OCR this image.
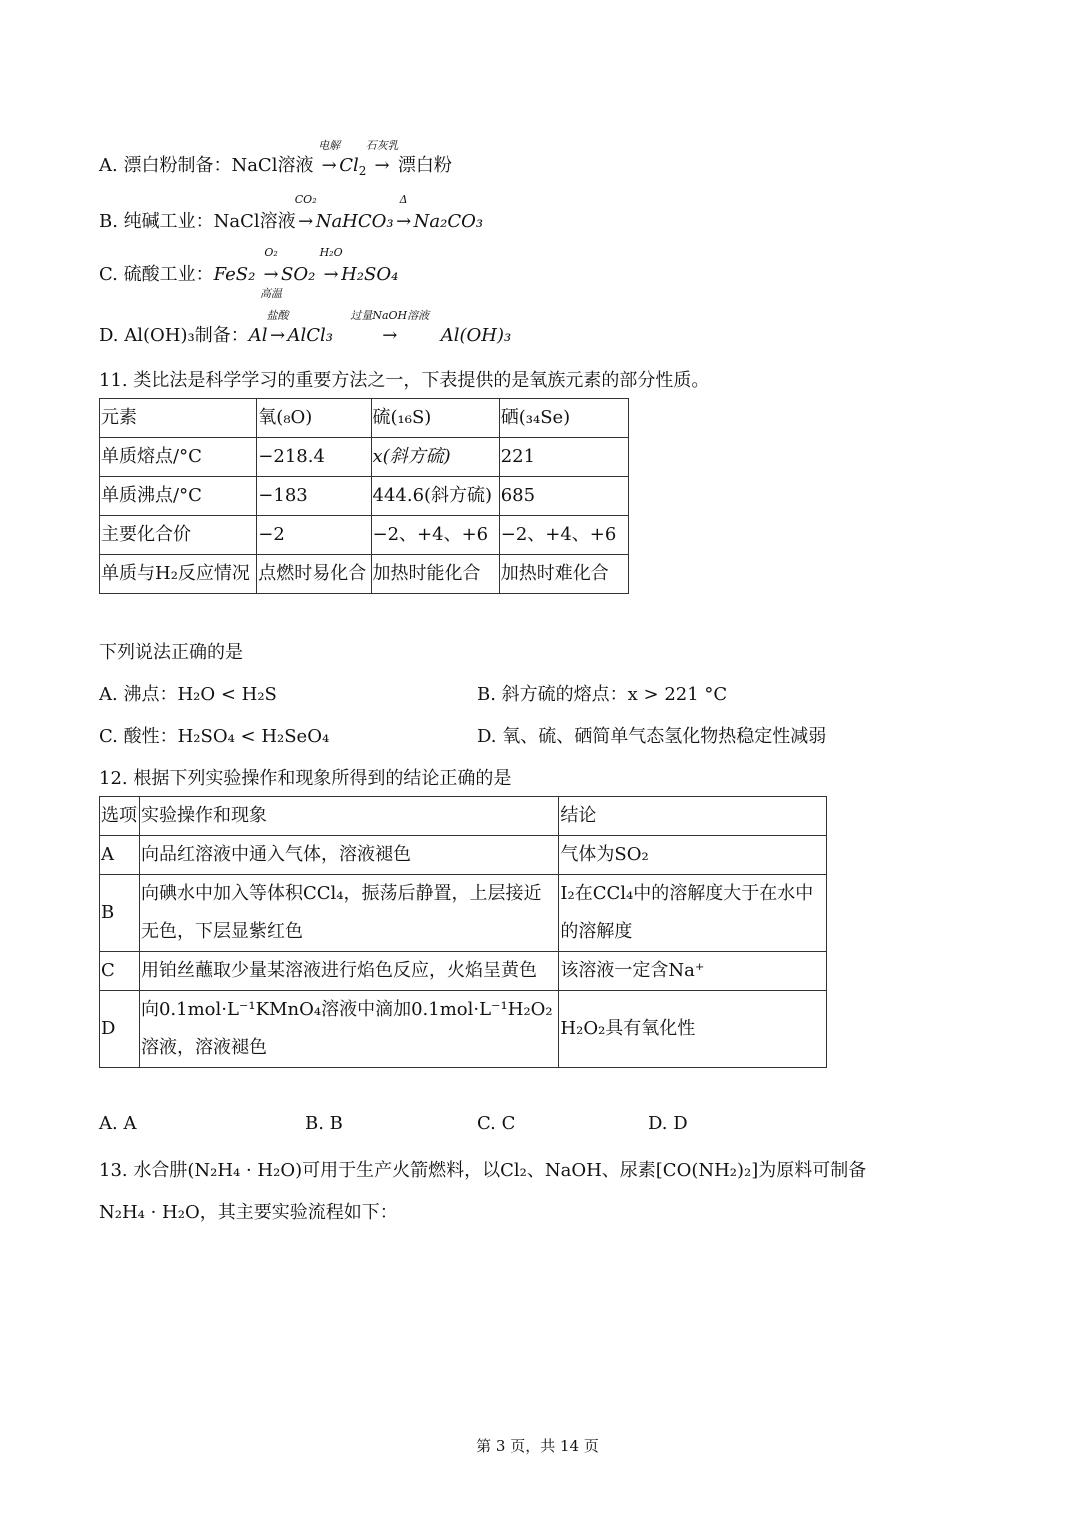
A. 漂白粉制备：NaCl溶液
电解
→ $Cl_2$
石灰乳
→ 漂白粉
B. 纯碱工业：NaCl溶液
CO₂
→ NaHCO₃
Δ
→ Na₂CO₃
C. 硫酸工业：FeS₂
O₂
→
高温
SO₂
H₂O
→ H₂SO₄
D. Al(OH)₃制备：Al
盐酸
→ AlCl₃
过量NaOH溶液
→ Al(OH)₃
11. 类比法是科学学习的重要方法之一，下表提供的是氧族元素的部分性质。
元素	氧(₈O)	硫(₁₆S)	硒(₃₄Se)
单质熔点/°C	−218.4	x(斜方硫)	221
单质沸点/°C	−183	444.6(斜方硫)	685
主要化合价	−2	−2、+4、+6	−2、+4、+6
单质与H₂反应情况	点燃时易化合	加热时能化合	加热时难化合
下列说法正确的是
A. 沸点：H₂O < H₂S	B. 斜方硫的熔点：x > 221 °C
C. 酸性：H₂SO₄ < H₂SeO₄	D. 氧、硫、硒简单气态氢化物热稳定性减弱
12. 根据下列实验操作和现象所得到的结论正确的是
选项	实验操作和现象	结论
A	向品红溶液中通入气体，溶液褪色	气体为SO₂
B	向碘水中加入等体积CCl₄，振荡后静置，上层接近无色，下层显紫红色	I₂在CCl₄中的溶解度大于在水中的溶解度
C	用铂丝蘸取少量某溶液进行焰色反应，火焰呈黄色	该溶液一定含Na⁺
D	向0.1mol·L⁻¹KMnO₄溶液中滴加0.1mol·L⁻¹H₂O₂溶液，溶液褪色	H₂O₂具有氧化性
A. A	B. B	C. C	D. D
13. 水合肼(N₂H₄ · H₂O)可用于生产火箭燃料，以Cl₂、NaOH、尿素[CO(NH₂)₂]为原料可制备
N₂H₄ · H₂O，其主要实验流程如下：
第 3 页，共 14 页
